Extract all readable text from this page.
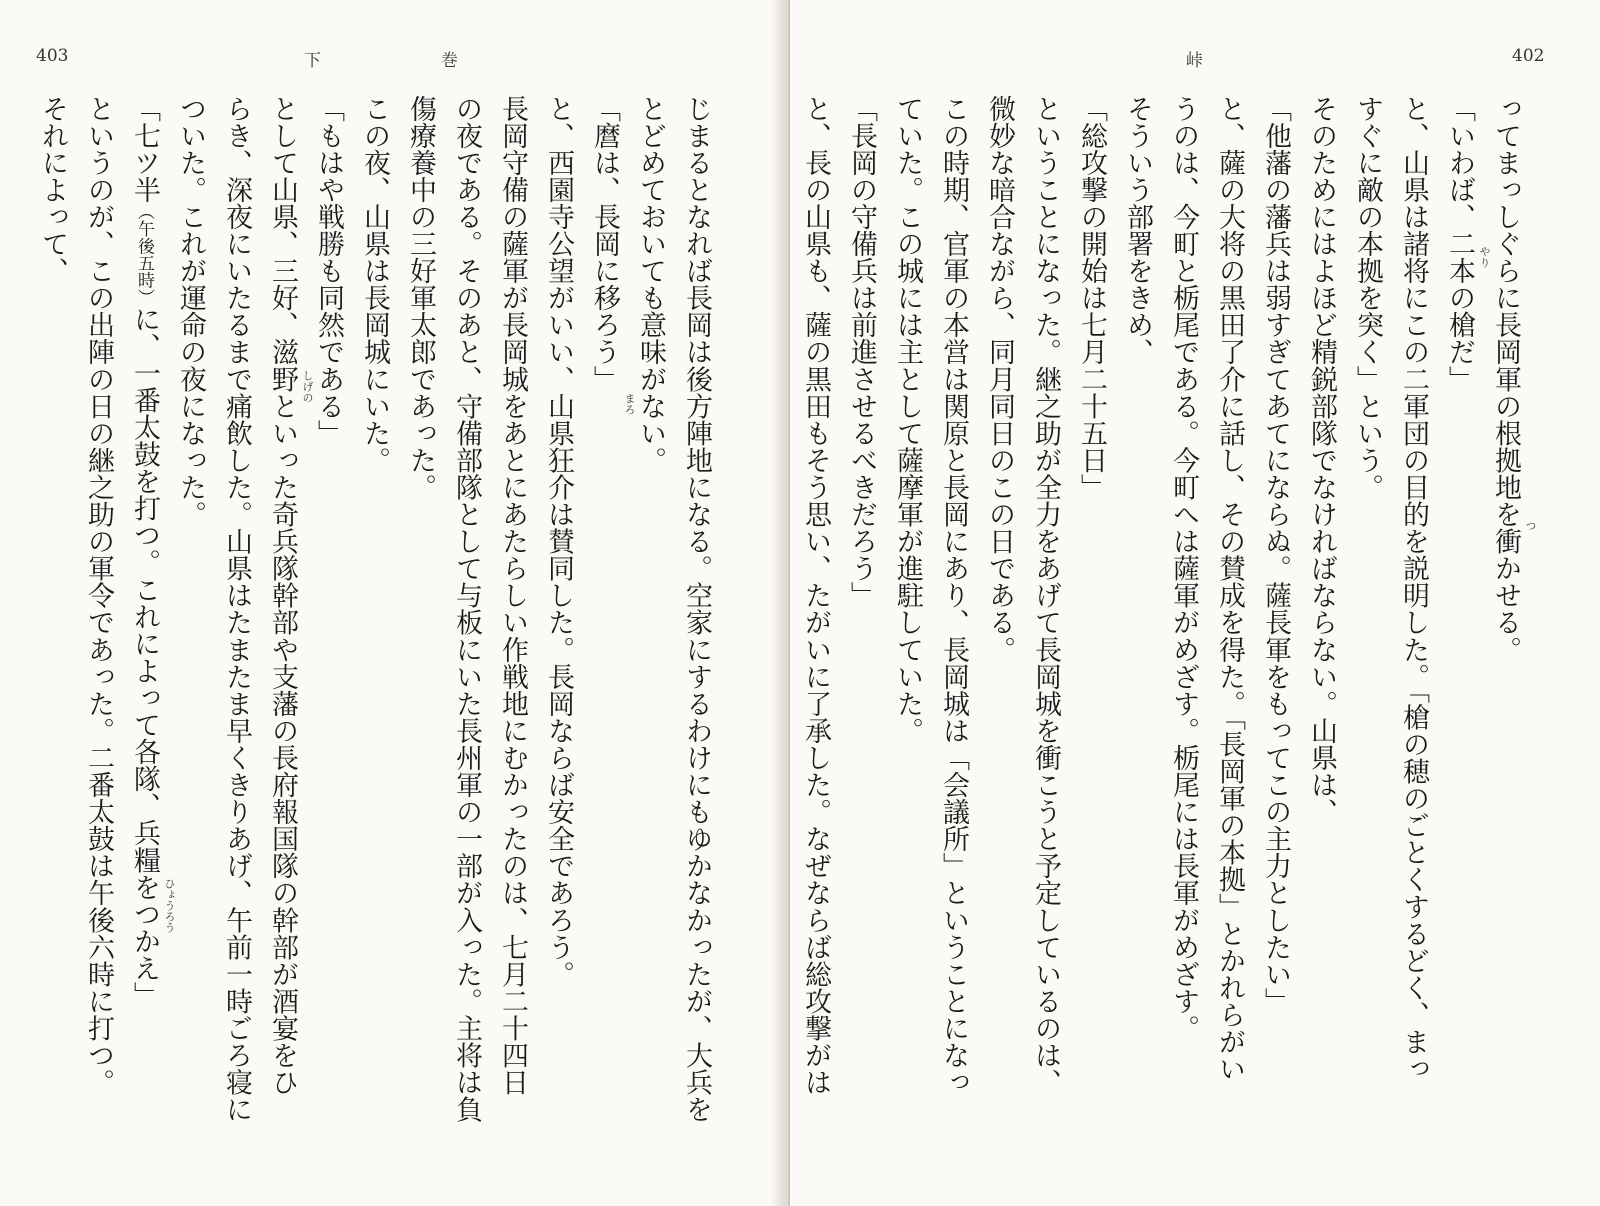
403	下	巻
じまるとなれば長岡は後方陣地になる。空家にするわけにもゆかなかったが、大兵を
とどめておいても意味がない。
「麿は、長岡に移ろう」
と、西園寺公望がいい、山県狂介は賛同した。長岡ならば安全であろう。
長岡守備の薩軍が長岡城をあとにあたらしい作戦地にむかったのは、七月二十四日
の夜である。そのあと、守備部隊として与板にいた長州軍の一部が入った。主将は負
傷療養中の三好軍太郎であった。
この夜、山県は長岡城にいた。
「もはや戦勝も同然である」
として山県、三好、滋野といった奇兵隊幹部や支藩の長府報国隊の幹部が酒宴をひ
らき、深夜にいたるまで痛飲した。山県はたまたま早くきりあげ、午前一時ごろ寝に
ついた。これが運命の夜になった。
「七ツ半（午後五時）に、一番太鼓を打つ。これによって各隊、兵糧をつかえ」
というのが、この出陣の日の継之助の軍令であった。二番太鼓は午後六時に打つ。
それによって、
まろ
しげの
ひょうろう
峠	402
ってまっしぐらに長岡軍の根拠地を衝かせる。
「いわば、二本の槍だ」
と、山県は諸将にこの二軍団の目的を説明した。「槍の穂のごとくするどく、まっ
すぐに敵の本拠を突く」という。
そのためにはよほど精鋭部隊でなければならない。山県は、
「他藩の藩兵は弱すぎてあてにならぬ。薩長軍をもってこの主力としたい」
と、薩の大将の黒田了介に話し、その賛成を得た。「長岡軍の本拠」とかれらがい
うのは、今町と栃尾である。今町へは薩軍がめざす。栃尾には長軍がめざす。
そういう部署をきめ、
「総攻撃の開始は七月二十五日」
ということになった。継之助が全力をあげて長岡城を衝こうと予定しているのは、
微妙な暗合ながら、同月同日のこの日である。
この時期、官軍の本営は関原と長岡にあり、長岡城は「会議所」ということになっ
ていた。この城には主として薩摩軍が進駐していた。
「長岡の守備兵は前進させるべきだろう」
と、長の山県も、薩の黒田もそう思い、たがいに了承した。なぜならば総攻撃がは	つ
やり
